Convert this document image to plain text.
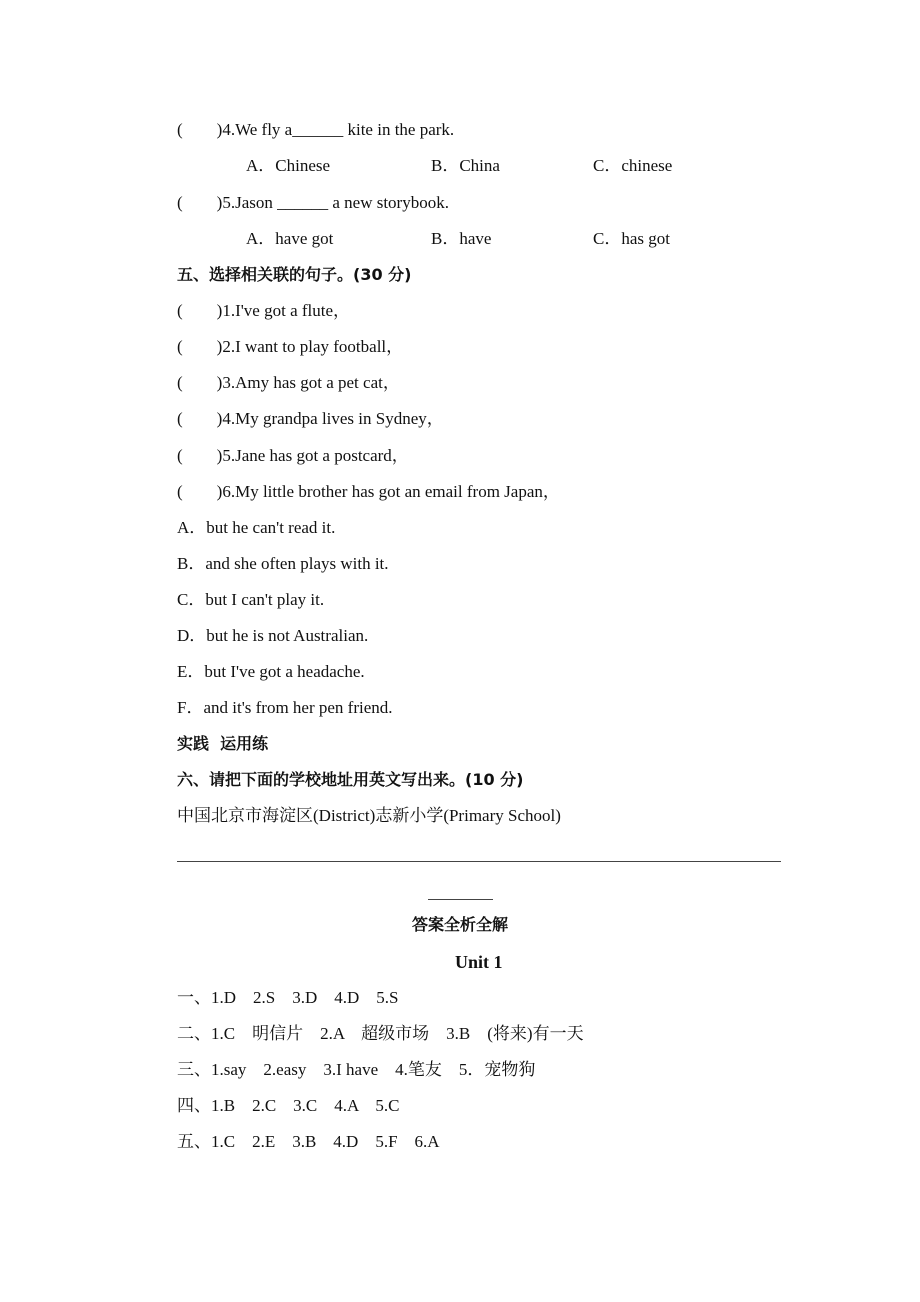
(        )4.We fly a______ kite in the park.
A．Chinese	B．China	C．chinese
(        )5.Jason ______ a new storybook.
A．have got	B．have	C．has got
五、选择相关联的句子。(30 分)
(        )1.I've got a flute，
(        )2.I want to play football，
(        )3.Amy has got a pet cat，
(        )4.My grandpa lives in Sydney，
(        )5.Jane has got a postcard，
(        )6.My little brother has got an email from Japan，
A．but he can't read it.
B．and she often plays with it.
C．but I can't play it.
D．but he is not Australian.
E．but I've got a headache.
F．and it's from her pen friend.
实践  运用练
六、请把下面的学校地址用英文写出来。(10 分)
中国北京市海淀区(District)志新小学(Primary School)
答案全析全解
Unit 1
一、1.D    2.S    3.D    4.D    5.S
二、1.C    明信片    2.A    超级市场    3.B    (将来)有一天
三、1.say    2.easy    3.I have    4.笔友    5．宠物狗
四、1.B    2.C    3.C    4.A    5.C
五、1.C    2.E    3.B    4.D    5.F    6.A
